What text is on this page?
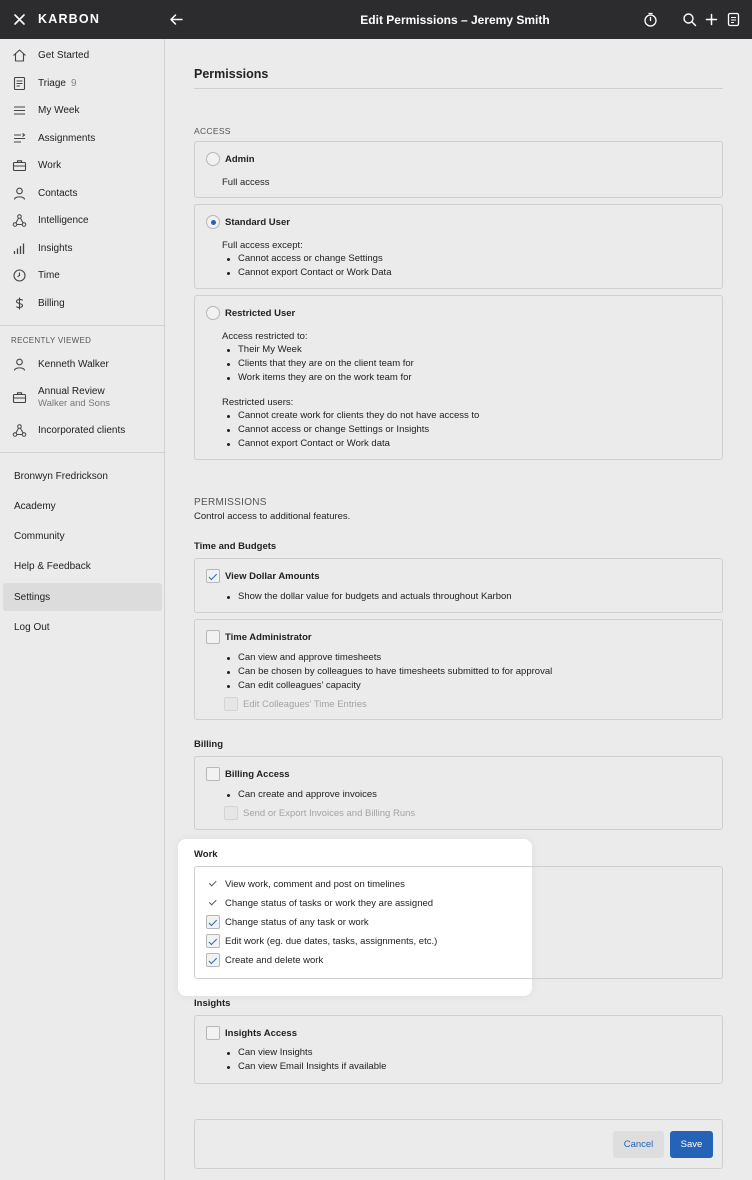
KARBON	Edit Permissions – Jeremy Smith
Get Started
Triage 9
My Week
Assignments
Work
Contacts
Intelligence
Insights
Time
Billing
RECENTLY VIEWED
Kenneth Walker
Annual Review
Walker and Sons
Incorporated clients
Bronwyn Fredrickson
Academy
Community
Help & Feedback
Settings
Log Out
Permissions
ACCESS
Admin
Full access
Standard User
Full access except:
Cannot access or change Settings
Cannot export Contact or Work Data
Restricted User
Access restricted to:
Their My Week
Clients that they are on the client team for
Work items they are on the work team for
Restricted users:
Cannot create work for clients they do not have access to
Cannot access or change Settings or Insights
Cannot export Contact or Work data
PERMISSIONS
Control access to additional features.
Time and Budgets
View Dollar Amounts
Show the dollar value for budgets and actuals throughout Karbon
Time Administrator
Can view and approve timesheets
Can be chosen by colleagues to have timesheets submitted to for approval
Can edit colleagues' capacity
Edit Colleagues' Time Entries
Billing
Billing Access
Can create and approve invoices
Send or Export Invoices and Billing Runs
Work
View work, comment and post on timelines
Change status of tasks or work they are assigned
Change status of any task or work
Edit work (eg. due dates, tasks, assignments, etc.)
Create and delete work
Insights
Insights Access
Can view Insights
Can view Email Insights if available
Cancel	Save
